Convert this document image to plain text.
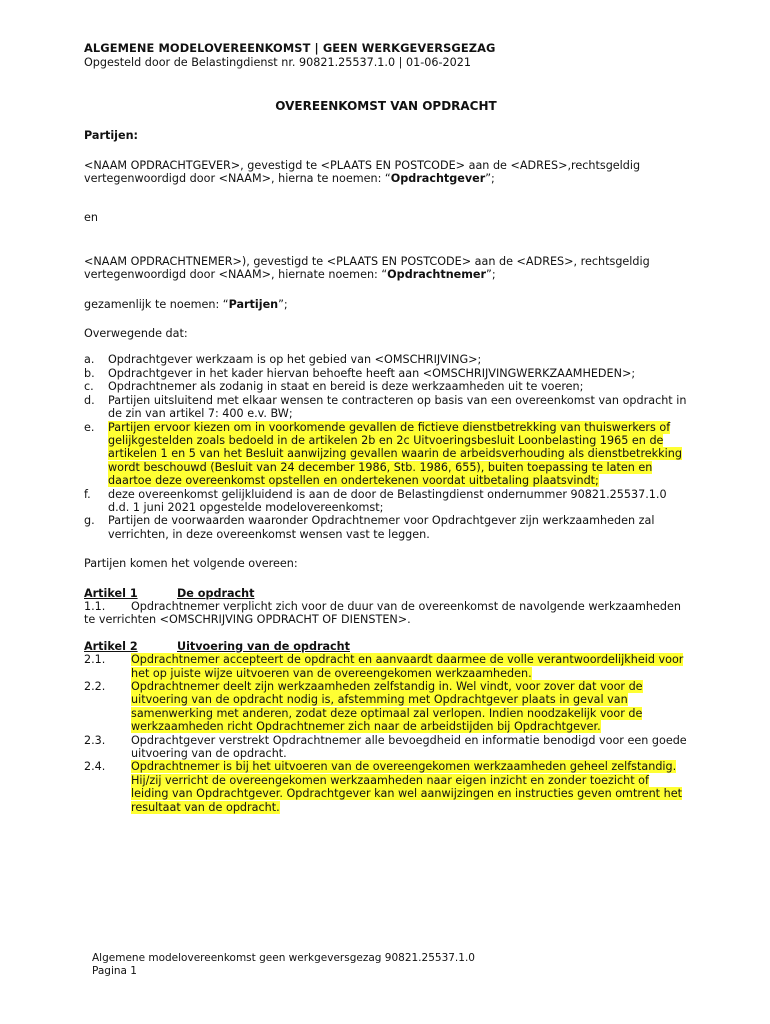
ALGEMENE MODELOVEREENKOMST | GEEN WERKGEVERSGEZAG
Opgesteld door de Belastingdienst nr. 90821.25537.1.0 | 01-06-2021
OVEREENKOMST VAN OPDRACHT
Partijen:

<NAAM OPDRACHTGEVER>, gevestigd te <PLAATS EN POSTCODE> aan de <ADRES>,rechtsgeldig vertegenwoordigd door <NAAM>, hierna te noemen: “Opdrachtgever”;

en

<NAAM OPDRACHTNEMER>), gevestigd te <PLAATS EN POSTCODE> aan de <ADRES>, rechtsgeldig vertegenwoordigd door <NAAM>, hiernate noemen: “Opdrachtnemer”;

gezamenlijk te noemen: “Partijen”;

Overwegende dat:

a.	Opdrachtgever werkzaam is op het gebied van <OMSCHRIJVING>;
b.	Opdrachtgever in het kader hiervan behoefte heeft aan <OMSCHRIJVINGWERKZAAMHEDEN>;
c.	Opdrachtnemer als zodanig in staat en bereid is deze werkzaamheden uit te voeren;
d.	Partijen uitsluitend met elkaar wensen te contracteren op basis van een overeenkomst van opdracht in de zin van artikel 7: 400 e.v. BW;
e.	Partijen ervoor kiezen om in voorkomende gevallen de fictieve dienstbetrekking van thuiswerkers of gelijkgestelden zoals bedoeld in de artikelen 2b en 2c Uitvoeringsbesluit Loonbelasting 1965 en de artikelen 1 en 5 van het Besluit aanwijzing gevallen waarin de arbeidsverhouding als dienstbetrekking wordt beschouwd (Besluit van 24 december 1986, Stb. 1986, 655), buiten toepassing te laten en daartoe deze overeenkomst opstellen en ondertekenen voordat uitbetaling plaatsvindt;
f.	deze overeenkomst gelijkluidend is aan de door de Belastingdienst ondernummer 90821.25537.1.0 d.d. 1 juni 2021 opgestelde modelovereenkomst;
g.	Partijen de voorwaarden waaronder Opdrachtnemer voor Opdrachtgever zijn werkzaamheden zal verrichten, in deze overeenkomst wensen vast te leggen.

Partijen komen het volgende overeen:

Artikel 1	De opdracht
1.1.	Opdrachtnemer verplicht zich voor de duur van de overeenkomst de navolgende werkzaamheden te verrichten <OMSCHRIJVING OPDRACHT OF DIENSTEN>.
Artikel 2	Uitvoering van de opdracht
2.1.	Opdrachtnemer accepteert de opdracht en aanvaardt daarmee de volle verantwoordelijkheid voor het op juiste wijze uitvoeren van de overeengekomen werkzaamheden.
2.2.	Opdrachtnemer deelt zijn werkzaamheden zelfstandig in. Wel vindt, voor zover dat voor de uitvoering van de opdracht nodig is, afstemming met Opdrachtgever plaats in geval van samenwerking met anderen, zodat deze optimaal zal verlopen. Indien noodzakelijk voor de werkzaamheden richt Opdrachtnemer zich naar de arbeidstijden bij Opdrachtgever.
2.3.	Opdrachtgever verstrekt Opdrachtnemer alle bevoegdheid en informatie benodigd voor een goede uitvoering van de opdracht.
2.4.	Opdrachtnemer is bij het uitvoeren van de overeengekomen werkzaamheden geheel zelfstandig. Hij/zij verricht de overeengekomen werkzaamheden naar eigen inzicht en zonder toezicht of leiding van Opdrachtgever. Opdrachtgever kan wel aanwijzingen en instructies geven omtrent het resultaat van de opdracht.
Algemene modelovereenkomst geen werkgeversgezag 90821.25537.1.0
Pagina 1
